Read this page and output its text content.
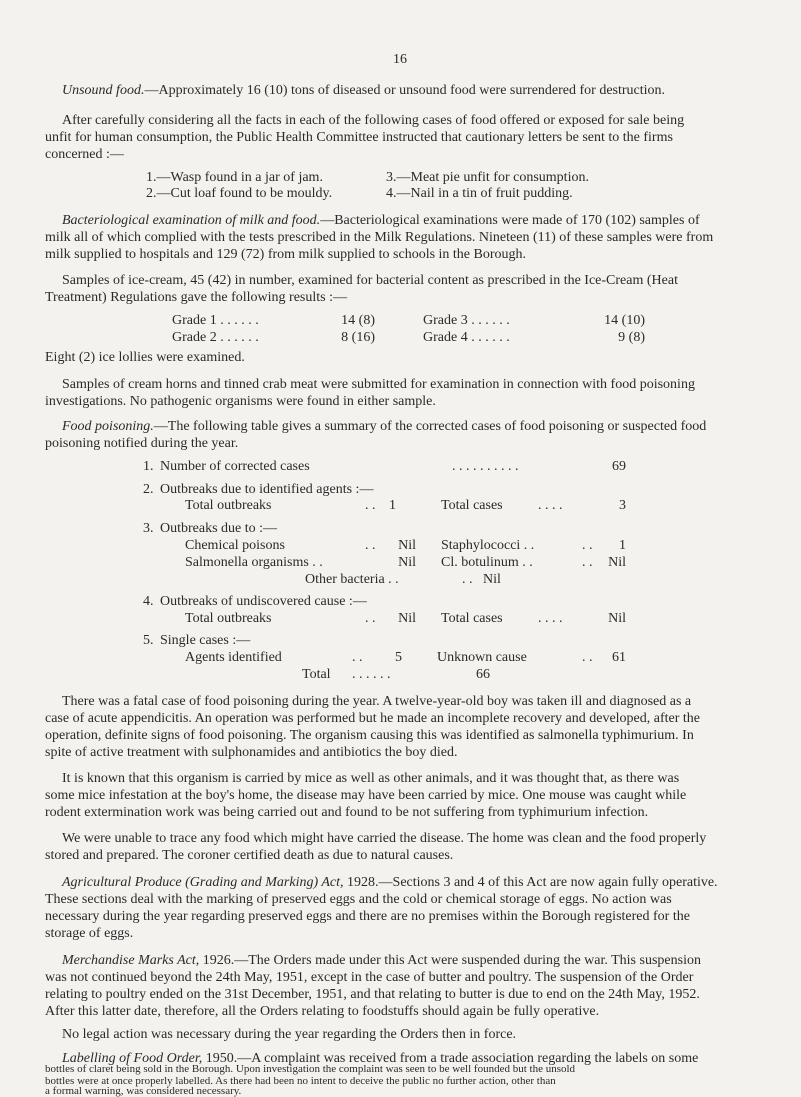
16
Unsound food.—Approximately 16 (10) tons of diseased or unsound food were surrendered for destruction.
After carefully considering all the facts in each of the following cases of food offered or exposed for sale being
unfit for human consumption, the Public Health Committee instructed that cautionary letters be sent to the firms
concerned :—
1.—Wasp found in a jar of jam.
2.—Cut loaf found to be mouldy.
3.—Meat pie unfit for consumption.
4.—Nail in a tin of fruit pudding.
Bacteriological examination of milk and food.—Bacteriological examinations were made of 170 (102) samples of
milk all of which complied with the tests prescribed in the Milk Regulations. Nineteen (11) of these samples were from
milk supplied to hospitals and 129 (72) from milk supplied to schools in the Borough.
Samples of ice-cream, 45 (42) in number, examined for bacterial content as prescribed in the Ice-Cream (Heat
Treatment) Regulations gave the following results :—
Grade 1 . . . . . .	14 (8)
Grade 2 . . . . . .	8 (16)
Grade 3 . . . . . .	14 (10)
Grade 4 . . . . . .	9 (8)
Eight (2) ice lollies were examined.
Samples of cream horns and tinned crab meat were submitted for examination in connection with food poisoning
investigations. No pathogenic organisms were found in either sample.
Food poisoning.—The following table gives a summary of the corrected cases of food poisoning or suspected food
poisoning notified during the year.
1. Number of corrected cases	. . . . . . . . . .	69
2. Outbreaks due to identified agents :—
Total outbreaks	. . 1	Total cases	. . . .	3
3. Outbreaks due to :—
Chemical poisons	. .	Nil Staphylococci . .	. .	1
Salmonella organisms . .	Nil Cl. botulinum . .	. .	Nil
Other bacteria . .	. . Nil
4. Outbreaks of undiscovered cause :—
Total outbreaks	. .	Nil Total cases	. . . .	Nil
5. Single cases :—
Agents identified	. .	5	Unknown cause	. .	61
Total . . . . . .	66
There was a fatal case of food poisoning during the year. A twelve-year-old boy was taken ill and diagnosed as a
case of acute appendicitis. An operation was performed but he made an incomplete recovery and developed, after the
operation, definite signs of food poisoning. The organism causing this was identified as salmonella typhimurium. In
spite of active treatment with sulphonamides and antibiotics the boy died.
It is known that this organism is carried by mice as well as other animals, and it was thought that, as there was
some mice infestation at the boy's home, the disease may have been carried by mice. One mouse was caught while
rodent extermination work was being carried out and found to be not suffering from typhimurium infection.
We were unable to trace any food which might have carried the disease. The home was clean and the food properly
stored and prepared. The coroner certified death as due to natural causes.
Agricultural Produce (Grading and Marking) Act, 1928.—Sections 3 and 4 of this Act are now again fully operative.
These sections deal with the marking of preserved eggs and the cold or chemical storage of eggs. No action was
necessary during the year regarding preserved eggs and there are no premises within the Borough registered for the
storage of eggs.
Merchandise Marks Act, 1926.—The Orders made under this Act were suspended during the war. This suspension
was not continued beyond the 24th May, 1951, except in the case of butter and poultry. The suspension of the Order
relating to poultry ended on the 31st December, 1951, and that relating to butter is due to end on the 24th May, 1952.
After this latter date, therefore, all the Orders relating to foodstuffs should again be fully operative.
No legal action was necessary during the year regarding the Orders then in force.
Labelling of Food Order, 1950.—A complaint was received from a trade association regarding the labels on some
bottles of claret being sold in the Borough. Upon investigation the complaint was seen to be well founded but the unsold
bottles were at once properly labelled. As there had been no intent to deceive the public no further action, other than
a formal warning, was considered necessary.
